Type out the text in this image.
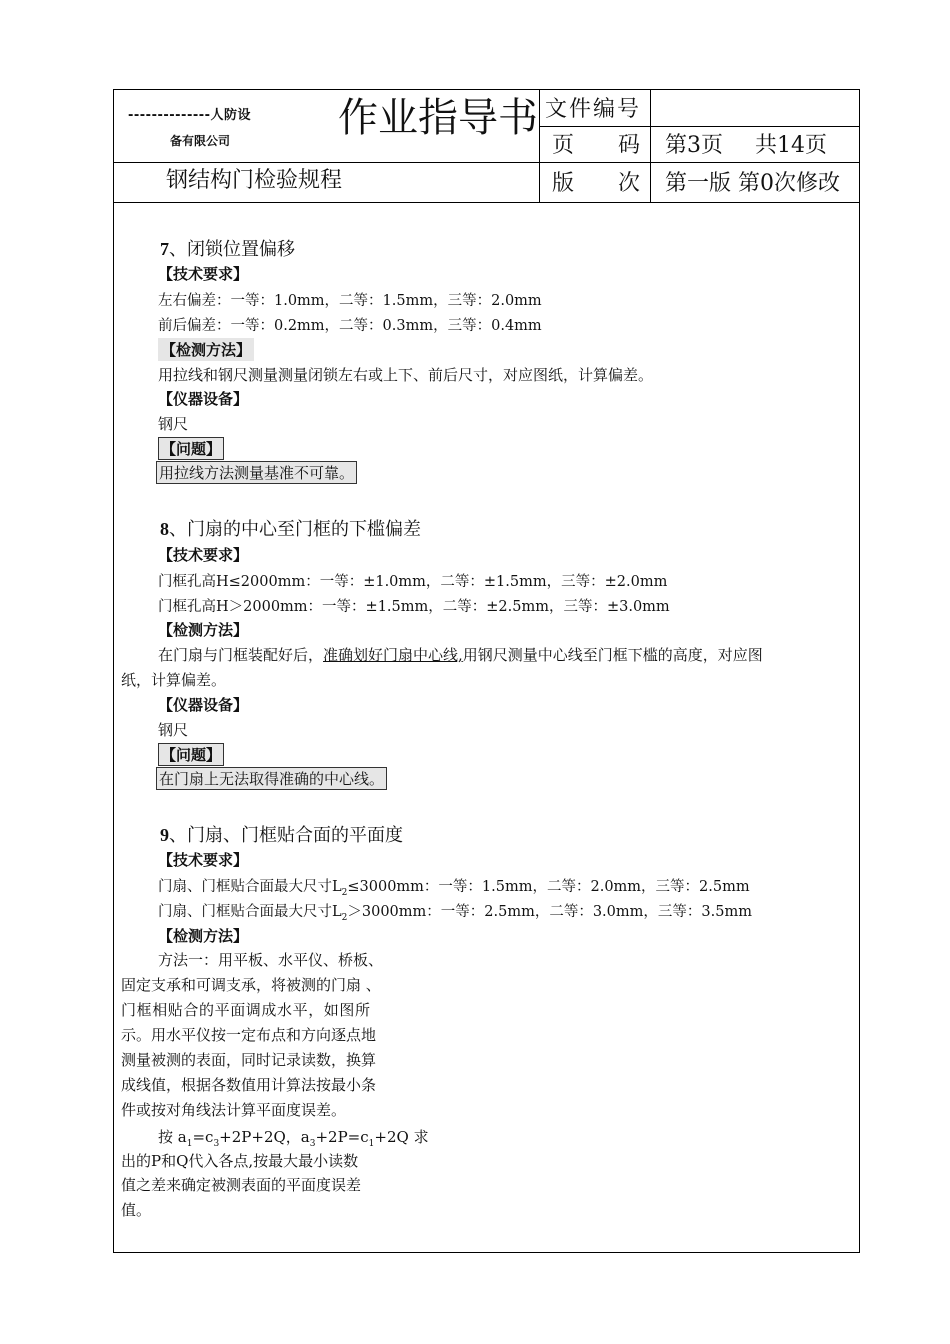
--------------人防设
备有限公司	作业指导书 文件编号
页 码 第3页 共14页
钢结构门检验规程	版 次 第一版 第0次修改
7、闭锁位置偏移
【技术要求】
左右偏差：一等：1.0mm，二等：1.5mm，三等：2.0mm
前后偏差：一等：0.2mm，二等：0.3mm，三等：0.4mm
【检测方法】
用拉线和钢尺测量测量闭锁左右或上下、前后尺寸，对应图纸，计算偏差。
【仪器设备】
钢尺
【问题】
用拉线方法测量基准不可靠。
8、门扇的中心至门框的下槛偏差
【技术要求】
门框孔高H≤2000mm：一等：±1.0mm，二等：±1.5mm，三等：±2.0mm
门框孔高H＞2000mm：一等：±1.5mm，二等：±2.5mm，三等：±3.0mm
【检测方法】
在门扇与门框装配好后，准确划好门扇中心线,用钢尺测量中心线至门框下槛的高度，对应图
纸，计算偏差。
【仪器设备】
钢尺
【问题】
在门扇上无法取得准确的中心线。
9、门扇、门框贴合面的平面度
【技术要求】
门扇、门框贴合面最大尺寸$L_2\le 3000mm$：一等：1.5mm，二等：2.0mm，三等：2.5mm
门扇、门框贴合面最大尺寸$L_2>3000mm$：一等：2.5mm，二等：3.0mm，三等：3.5mm
【检测方法】
方法一：用平板、水平仪、桥板、
固定支承和可调支承，将被测的门扇 、
门框相贴合的平面调成水平，如图所
示。用水平仪按一定布点和方向逐点地
测量被测的表面，同时记录读数，换算
成线值，根据各数值用计算法按最小条
件或按对角线法计算平面度误差。
按 $a_1=c_3+2P+2Q$，$a_3+2P=c_1+2Q$ 求
出的P和Q代入各点,按最大最小读数
值之差来确定被测表面的平面度误差
值。
